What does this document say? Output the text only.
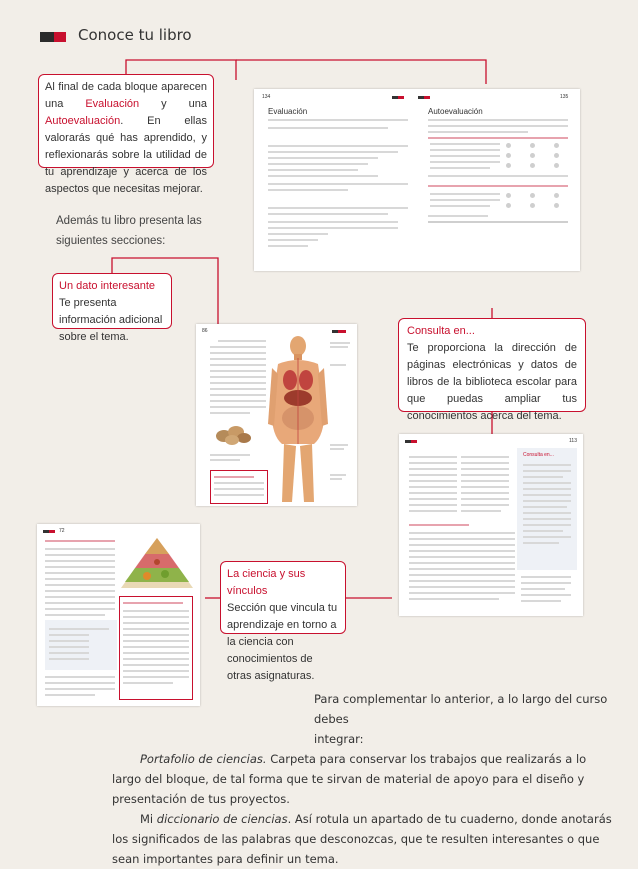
Conoce tu libro
Al final de cada bloque aparecen una Evaluación y una Autoevaluación. En ellas valorarás qué has aprendido, y reflexionarás sobre la utilidad de tu aprendizaje y acerca de los aspectos que necesitas mejorar.
Además tu libro presenta las siguientes secciones:
Un dato interesante
Te presenta información adicional sobre el tema.	Consulta en...
Te proporciona la dirección de páginas electrónicas y datos de libros de la biblioteca escolar para que puedas ampliar tus conocimientos acerca del tema.
La ciencia y sus vínculos
Sección que vincula tu aprendizaje en torno a la ciencia con conocimientos de otras asignaturas.
134	135
Evaluación	Autoevaluación
86
113
Consulta en...
72

Para complementar lo anterior, a lo largo del curso debes

integrar:

Portafolio de ciencias. Carpeta para conservar los trabajos que realizarás a lo largo del bloque, de tal forma que te sirvan de material de apoyo para el diseño y presentación de tus proyectos.

Mi diccionario de ciencias. Así rotula un apartado de tu cuaderno, donde anotarás los significados de las palabras que desconozcas, que te resulten interesantes o que sean importantes para definir un tema.
